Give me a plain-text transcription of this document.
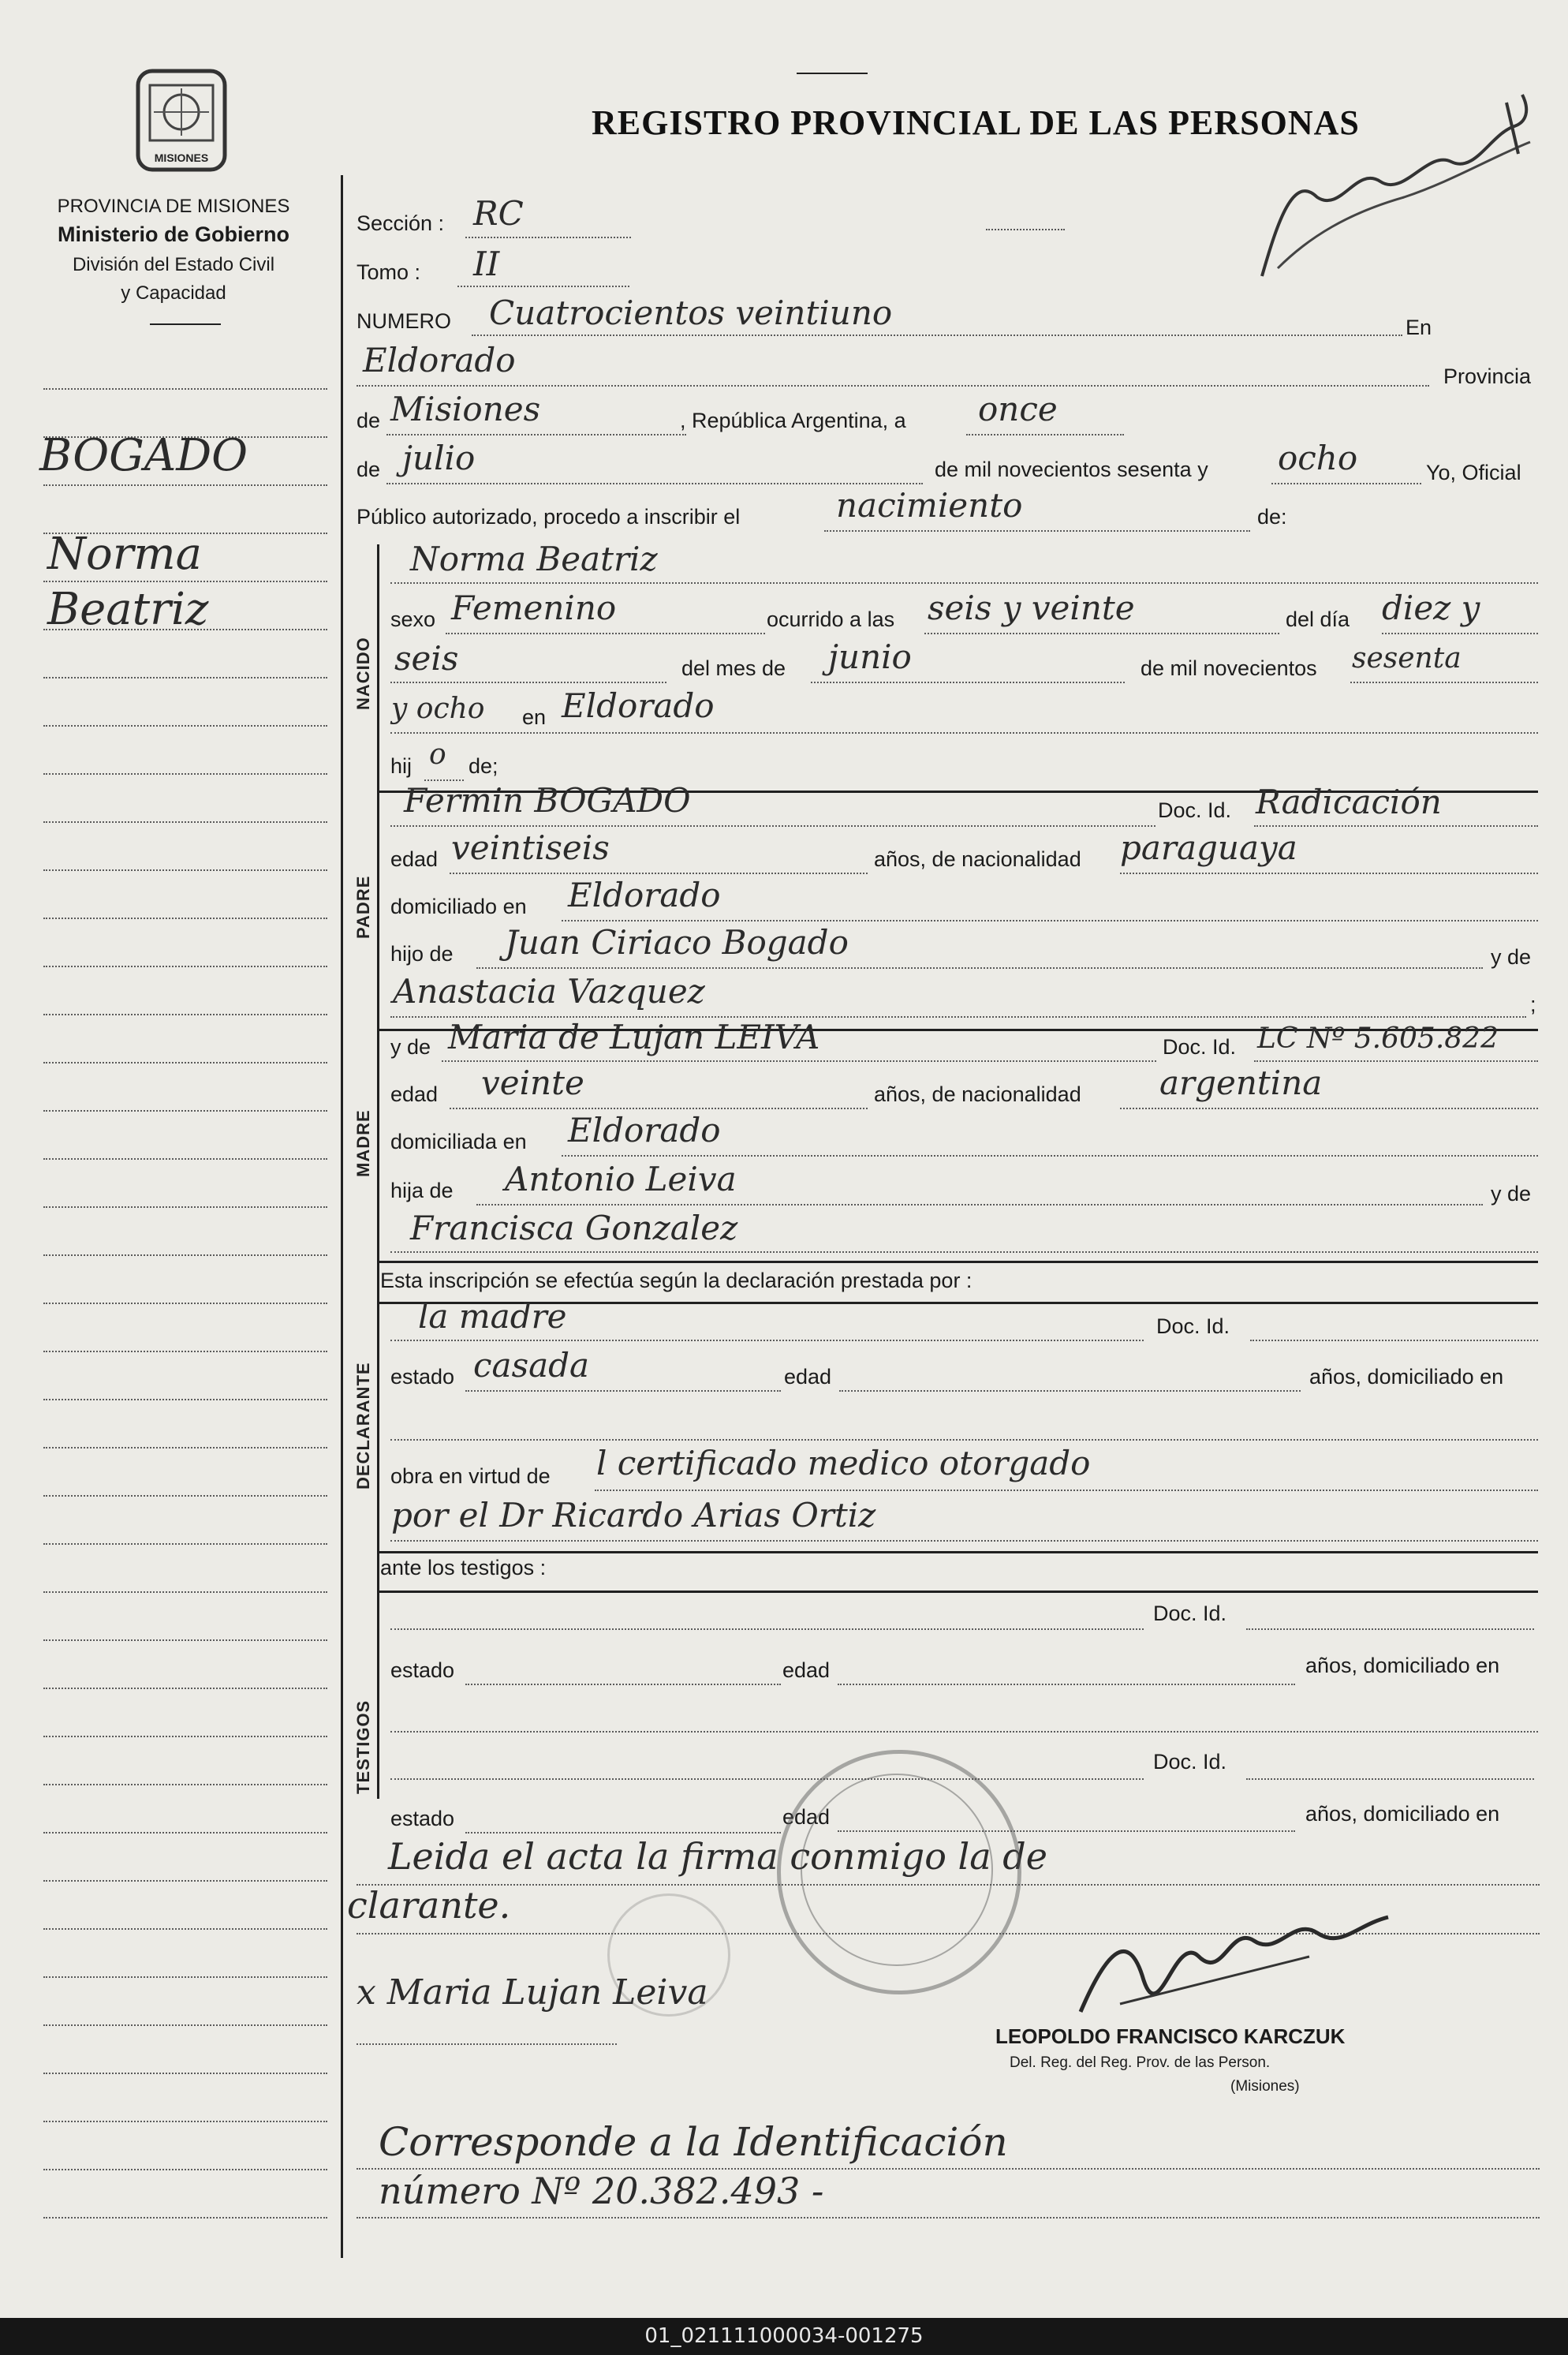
MISIONES
PROVINCIA DE MISIONES
Ministerio de Gobierno
División del Estado Civil
y Capacidad
REGISTRO PROVINCIAL DE LAS PERSONAS
BOGADO
Norma
Beatriz
Sección : RC
Tomo : II
NUMERO Cuatrocientos veintiuno	En
Eldorado	Provincia
de Misiones	, República Argentina, a once
de julio	de mil novecientos sesenta y ocho	Yo, Oficial
Público autorizado, procedo a inscribir el	nacimiento	de:
NACIDO
Norma Beatriz
sexo Femenino	ocurrido a las seis y veinte	del día diez y
seis	del mes de junio	de mil novecientos sesenta
y ocho en Eldorado
hij o de;
PADRE
Fermin BOGADO	Doc. Id. Radicación
edad veintiseis	años, de nacionalidad paraguaya
domiciliado en Eldorado
hijo de Juan Ciriaco Bogado	y de
Anastacia Vazquez	;
MADRE
y de Maria de Lujan LEIVA	Doc. Id. LC Nº 5.605.822
edad veinte	años, de nacionalidad argentina
domiciliada en Eldorado
hija de Antonio Leiva	y de
Francisca Gonzalez
Esta inscripción se efectúa según la declaración prestada por :
DECLARANTE
la madre	Doc. Id.
estado casada	edad	años, domiciliado en
obra en virtud de l certificado medico otorgado
por el Dr Ricardo Arias Ortiz
ante los testigos :
TESTIGOS
Doc. Id.
estado	edad	años, domiciliado en
Doc. Id.
estado	edad	años, domiciliado en
Leida el acta la firma conmigo la de
clarante.
x Maria Lujan Leiva
LEOPOLDO FRANCISCO KARCZUK
Del. Reg. del Reg. Prov. de las Person.
(Misiones)
Corresponde a la Identificación
número Nº 20.382.493 -
01_021111000034-001275
